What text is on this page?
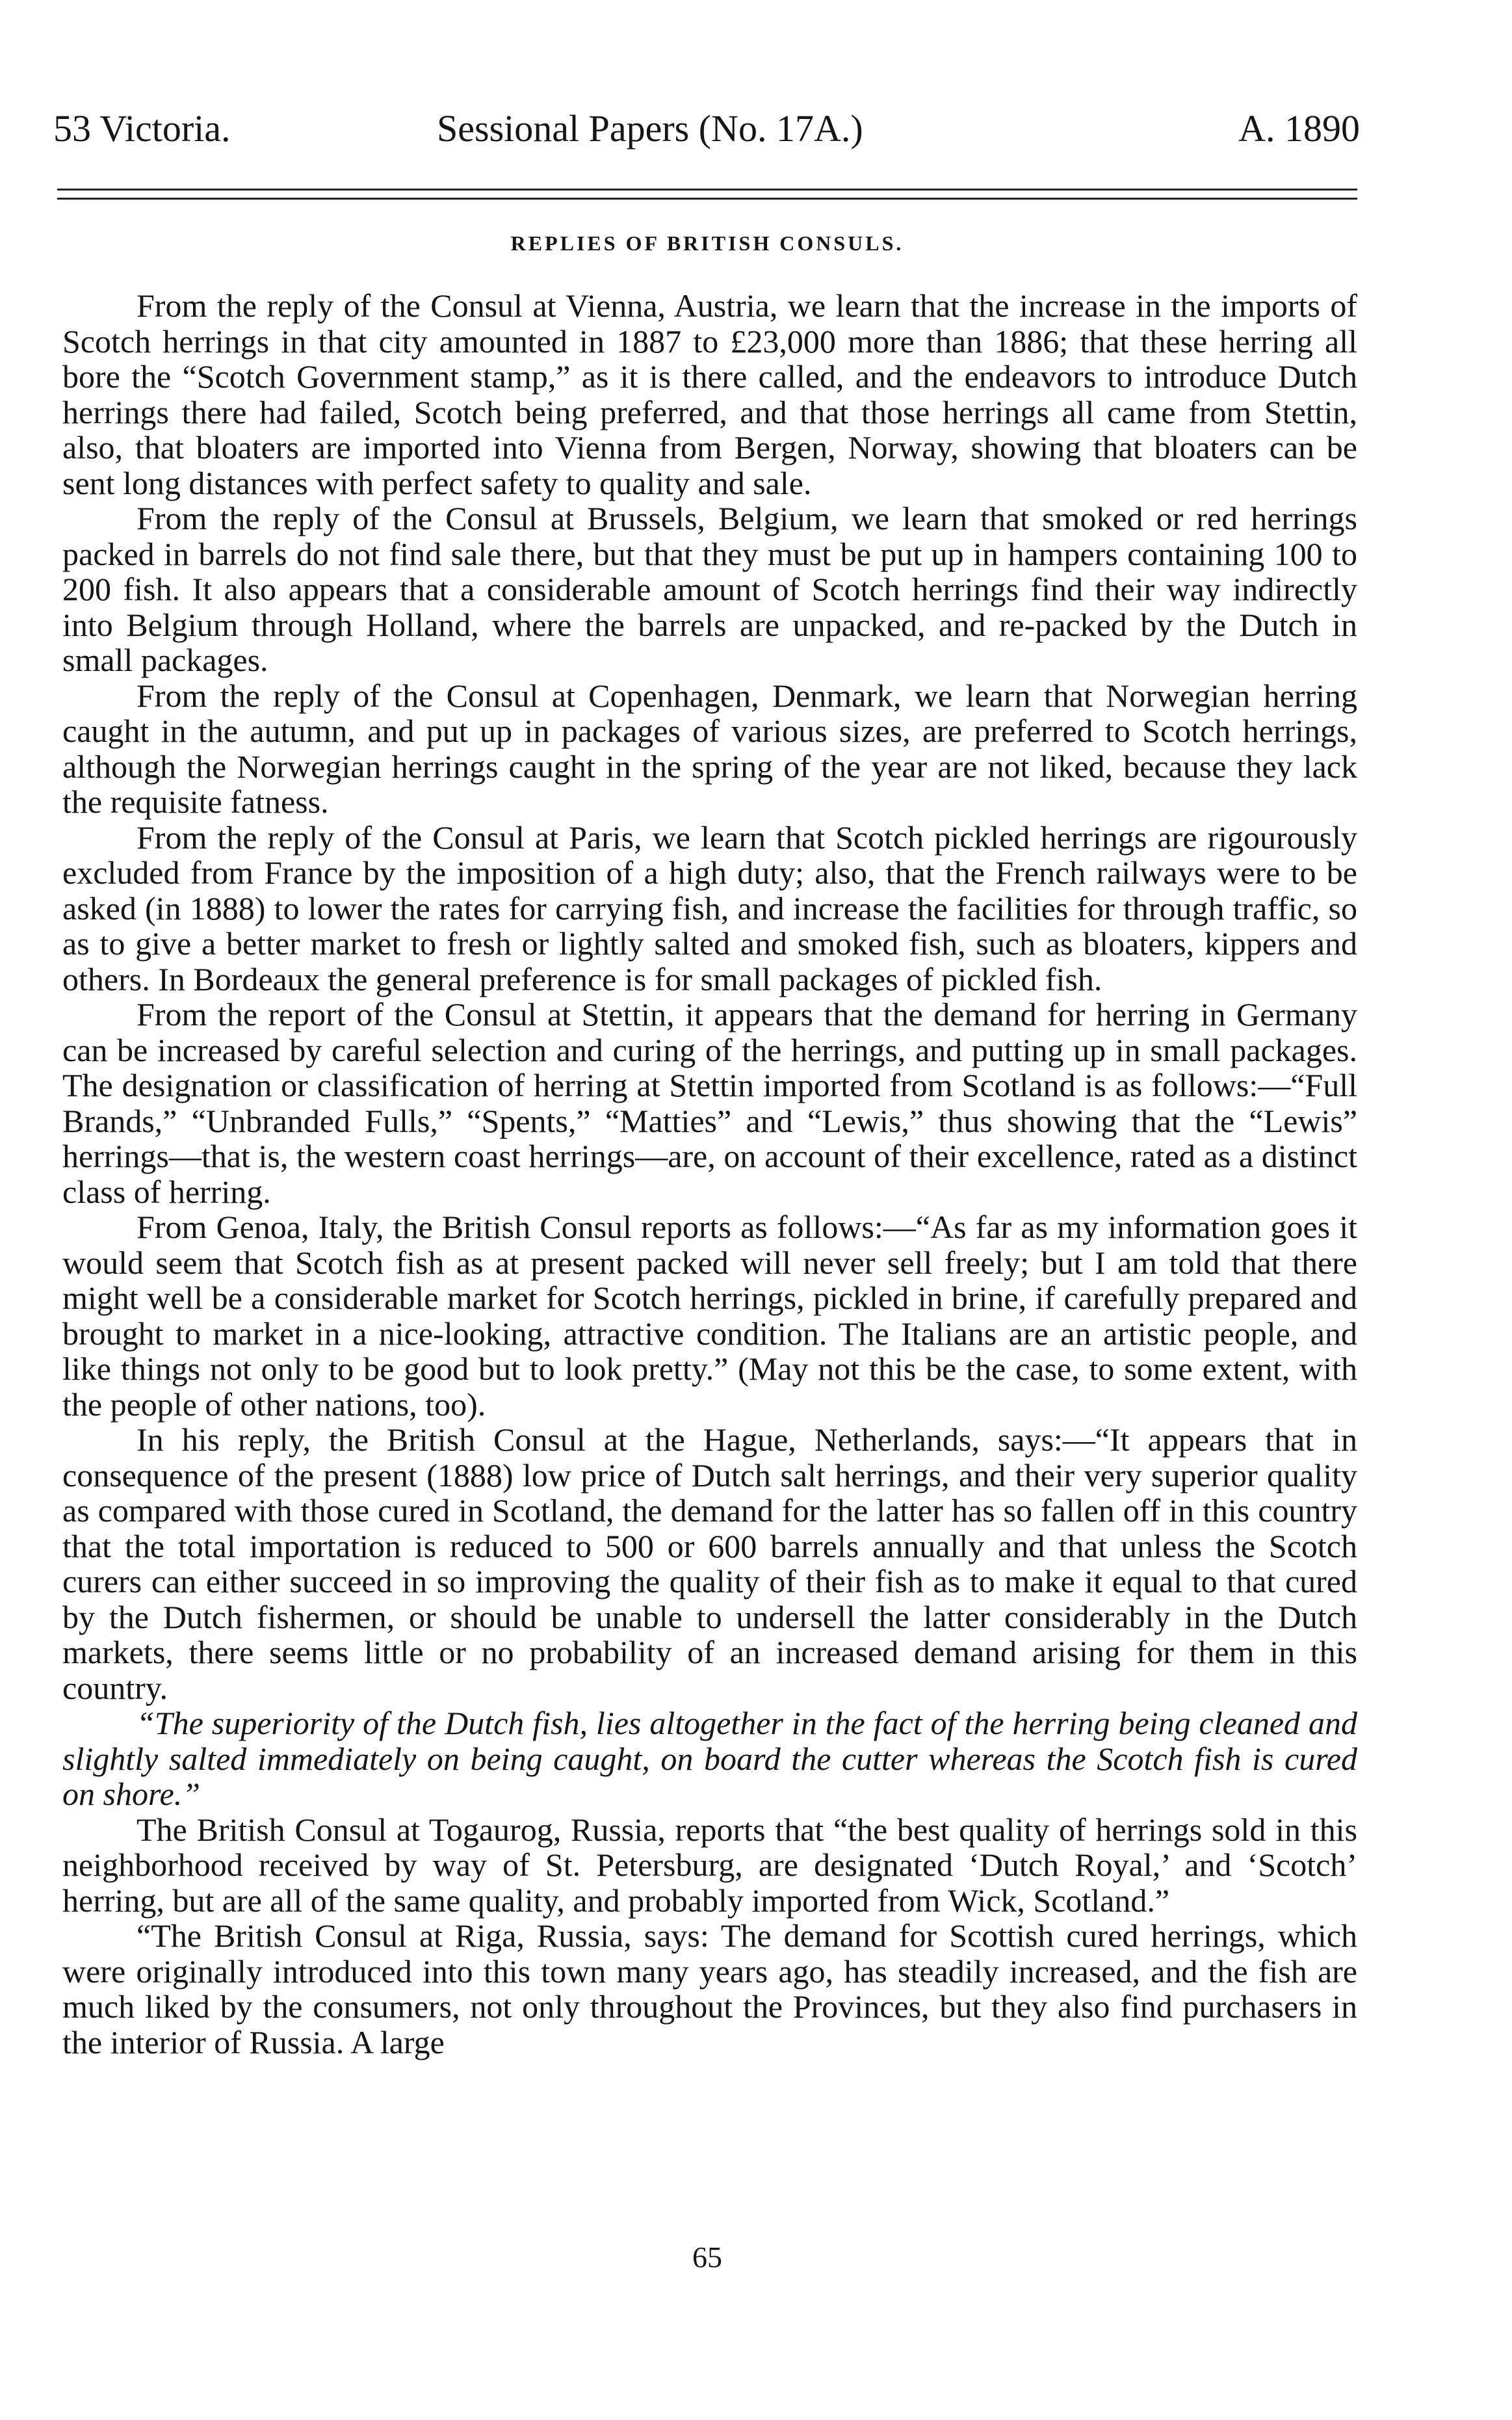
53 Victoria.	Sessional Papers (No. 17A.)	A. 1890
REPLIES OF BRITISH CONSULS.

From the reply of the Consul at Vienna, Austria, we learn that the increase in the imports of Scotch herrings in that city amounted in 1887 to £23,000 more than 1886; that these herring all bore the “Scotch Government stamp,” as it is there called, and the endeavors to introduce Dutch herrings there had failed, Scotch being preferred, and that those herrings all came from Stettin, also, that bloaters are imported into Vienna from Bergen, Norway, showing that bloaters can be sent long distances with perfect safety to quality and sale.

From the reply of the Consul at Brussels, Belgium, we learn that smoked or red herrings packed in barrels do not find sale there, but that they must be put up in hampers containing 100 to 200 fish. It also appears that a considerable amount of Scotch herrings find their way indirectly into Belgium through Holland, where the barrels are unpacked, and re-packed by the Dutch in small packages.

From the reply of the Consul at Copenhagen, Denmark, we learn that Norwegian herring caught in the autumn, and put up in packages of various sizes, are preferred to Scotch herrings, although the Norwegian herrings caught in the spring of the year are not liked, because they lack the requisite fatness.

From the reply of the Consul at Paris, we learn that Scotch pickled herrings are rigourously excluded from France by the imposition of a high duty; also, that the French railways were to be asked (in 1888) to lower the rates for carrying fish, and increase the facilities for through traffic, so as to give a better market to fresh or lightly salted and smoked fish, such as bloaters, kippers and others. In Bordeaux the general preference is for small packages of pickled fish.

From the report of the Consul at Stettin, it appears that the demand for herring in Germany can be increased by careful selection and curing of the herrings, and putting up in small packages. The designation or classification of herring at Stettin imported from Scotland is as follows:—“Full Brands,” “Unbranded Fulls,” “Spents,” “Matties” and “Lewis,” thus showing that the “Lewis” herrings—that is, the western coast herrings—are, on account of their excellence, rated as a distinct class of herring.

From Genoa, Italy, the British Consul reports as follows:—“As far as my information goes it would seem that Scotch fish as at present packed will never sell freely; but I am told that there might well be a considerable market for Scotch herrings, pickled in brine, if carefully prepared and brought to market in a nice-looking, attractive condition. The Italians are an artistic people, and like things not only to be good but to look pretty.” (May not this be the case, to some extent, with the people of other nations, too).

In his reply, the British Consul at the Hague, Netherlands, says:—“It appears that in consequence of the present (1888) low price of Dutch salt herrings, and their very superior quality as compared with those cured in Scotland, the demand for the latter has so fallen off in this country that the total importation is reduced to 500 or 600 barrels annually and that unless the Scotch curers can either succeed in so improving the quality of their fish as to make it equal to that cured by the Dutch fishermen, or should be unable to undersell the latter considerably in the Dutch markets, there seems little or no probability of an increased demand arising for them in this country.

“The superiority of the Dutch fish, lies altogether in the fact of the herring being cleaned and slightly salted immediately on being caught, on board the cutter whereas the Scotch fish is cured on shore.”

The British Consul at Togaurog, Russia, reports that “the best quality of herrings sold in this neighborhood received by way of St. Petersburg, are designated ‘Dutch Royal,’ and ‘Scotch’ herring, but are all of the same quality, and probably imported from Wick, Scotland.”

“The British Consul at Riga, Russia, says: The demand for Scottish cured herrings, which were originally introduced into this town many years ago, has steadily increased, and the fish are much liked by the consumers, not only throughout the Provinces, but they also find purchasers in the interior of Russia. A large

65
